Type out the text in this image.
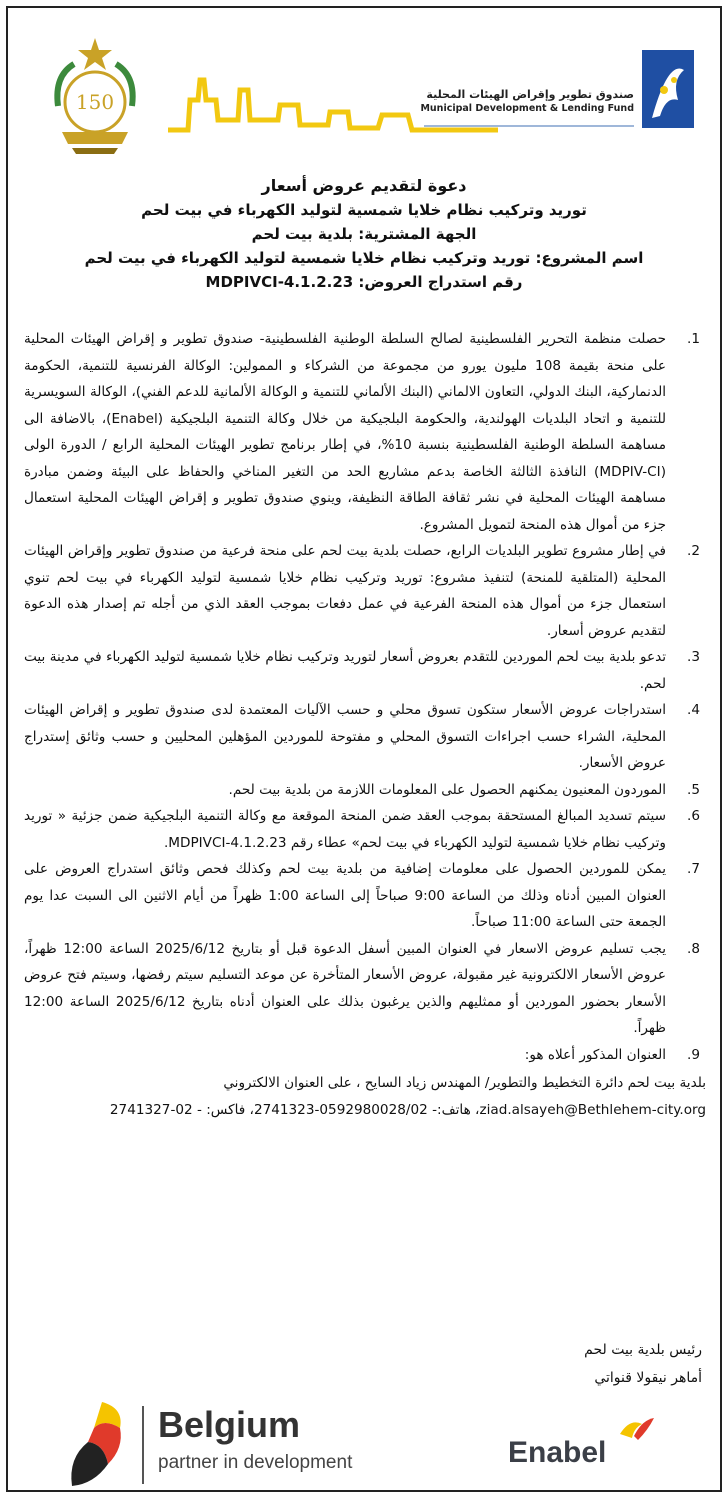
150	صندوق تطوير وإقراض الهيئات المحلية
Municipal Development & Lending Fund
دعوة لتقديم عروض أسعار
توريد وتركيب نظام خلايا شمسية لتوليد الكهرباء في بيت لحم
الجهة المشترية: بلدية بيت لحم
اسم المشروع: توريد وتركيب نظام خلايا شمسية لتوليد الكهرباء في بيت لحم
رقم استدراج العروض: MDPIVCI-4.1.2.23

.1
حصلت منظمة التحرير الفلسطينية لصالح السلطة الوطنية الفلسطينية- صندوق تطوير و إقراض الهيئات المحلية على منحة بقيمة 108 مليون يورو من مجموعة من الشركاء و الممولين: الوكالة الفرنسية للتنمية، الحكومة الدنماركية، البنك الدولي، التعاون الالماني (البنك الألماني للتنمية و الوكالة الألمانية للدعم الفني)، الوكالة السويسرية للتنمية و اتحاد البلديات الهولندية، والحكومة البلجيكية من خلال وكالة التنمية البلجيكية (Enabel)، بالاضافة الى مساهمة السلطة الوطنية الفلسطينية بنسبة 10%، في إطار برنامج تطوير الهيئات المحلية الرابع / الدورة الولى (MDPIV-CI) النافذة الثالثة الخاصة بدعم مشاريع الحد من التغير المناخي والحفاظ على البيئة وضمن مبادرة مساهمة الهيئات المحلية في نشر ثقافة الطاقة النظيفة، وينوي صندوق تطوير و إقراض الهيئات المحلية استعمال جزء من أموال هذه المنحة لتمويل المشروع.

.2
في إطار مشروع تطوير البلديات الرابع، حصلت بلدية بيت لحم على منحة فرعية من صندوق تطوير وإقراض الهيئات المحلية (المتلقية للمنحة) لتنفيذ مشروع: توريد وتركيب نظام خلايا شمسية لتوليد الكهرباء في بيت لحم تنوي استعمال جزء من أموال هذه المنحة الفرعية في عمل دفعات بموجب العقد الذي من أجله تم إصدار هذه الدعوة لتقديم عروض أسعار.

.3
تدعو بلدية بيت لحم الموردين للتقدم بعروض أسعار لتوريد وتركيب نظام خلايا شمسية لتوليد الكهرباء في مدينة بيت لحم.

.4
استدراجات عروض الأسعار ستكون تسوق محلي و حسب الآليات المعتمدة لدى صندوق تطوير و إقراض الهيئات المحلية، الشراء حسب اجراءات التسوق المحلي و مفتوحة للموردين المؤهلين المحليين و حسب وثائق إستدراج عروض الأسعار.

.5
الموردون المعنيون يمكنهم الحصول على المعلومات اللازمة من بلدية بيت لحم.

.6
سيتم تسديد المبالغ المستحقة بموجب العقد ضمن المنحة الموقعة مع وكالة التنمية البلجيكية ضمن جزئية « توريد وتركيب نظام خلايا شمسية لتوليد الكهرباء في بيت لحم» عطاء رقم MDPIVCI-4.1.2.23.

.7
يمكن للموردين الحصول على معلومات إضافية من بلدية بيت لحم وكذلك فحص وثائق استدراج العروض على العنوان المبين أدناه وذلك من الساعة 9:00 صباحاً إلى الساعة 1:00 ظهراً من أيام الاثنين الى السبت عدا يوم الجمعة حتى الساعة 11:00 صباحاً.

.8
يجب تسليم عروض الاسعار في العنوان المبين أسفل الدعوة قبل أو بتاريخ 2025/6/12 الساعة 12:00 ظهراً، عروض الأسعار الالكترونية غير مقبولة، عروض الأسعار المتأخرة عن موعد التسليم سيتم رفضها، وسيتم فتح عروض الأسعار بحضور الموردين أو ممثليهم والذين يرغبون بذلك على العنوان أدناه بتاريخ 2025/6/12 الساعة 12:00 ظهراً.

.9
العنوان المذكور أعلاه هو:

بلدية بيت لحم دائرة التخطيط والتطوير/ المهندس زياد السايح ، على العنوان الالكتروني
ziad.alsayeh@Bethlehem-city.org، هاتف:- 0592980028/02-2741323، فاكس: - 02-2741327
رئيس بلدية بيت لحم
أماهر نيقولا قنواتي
Belgium
partner in development	Enabel
